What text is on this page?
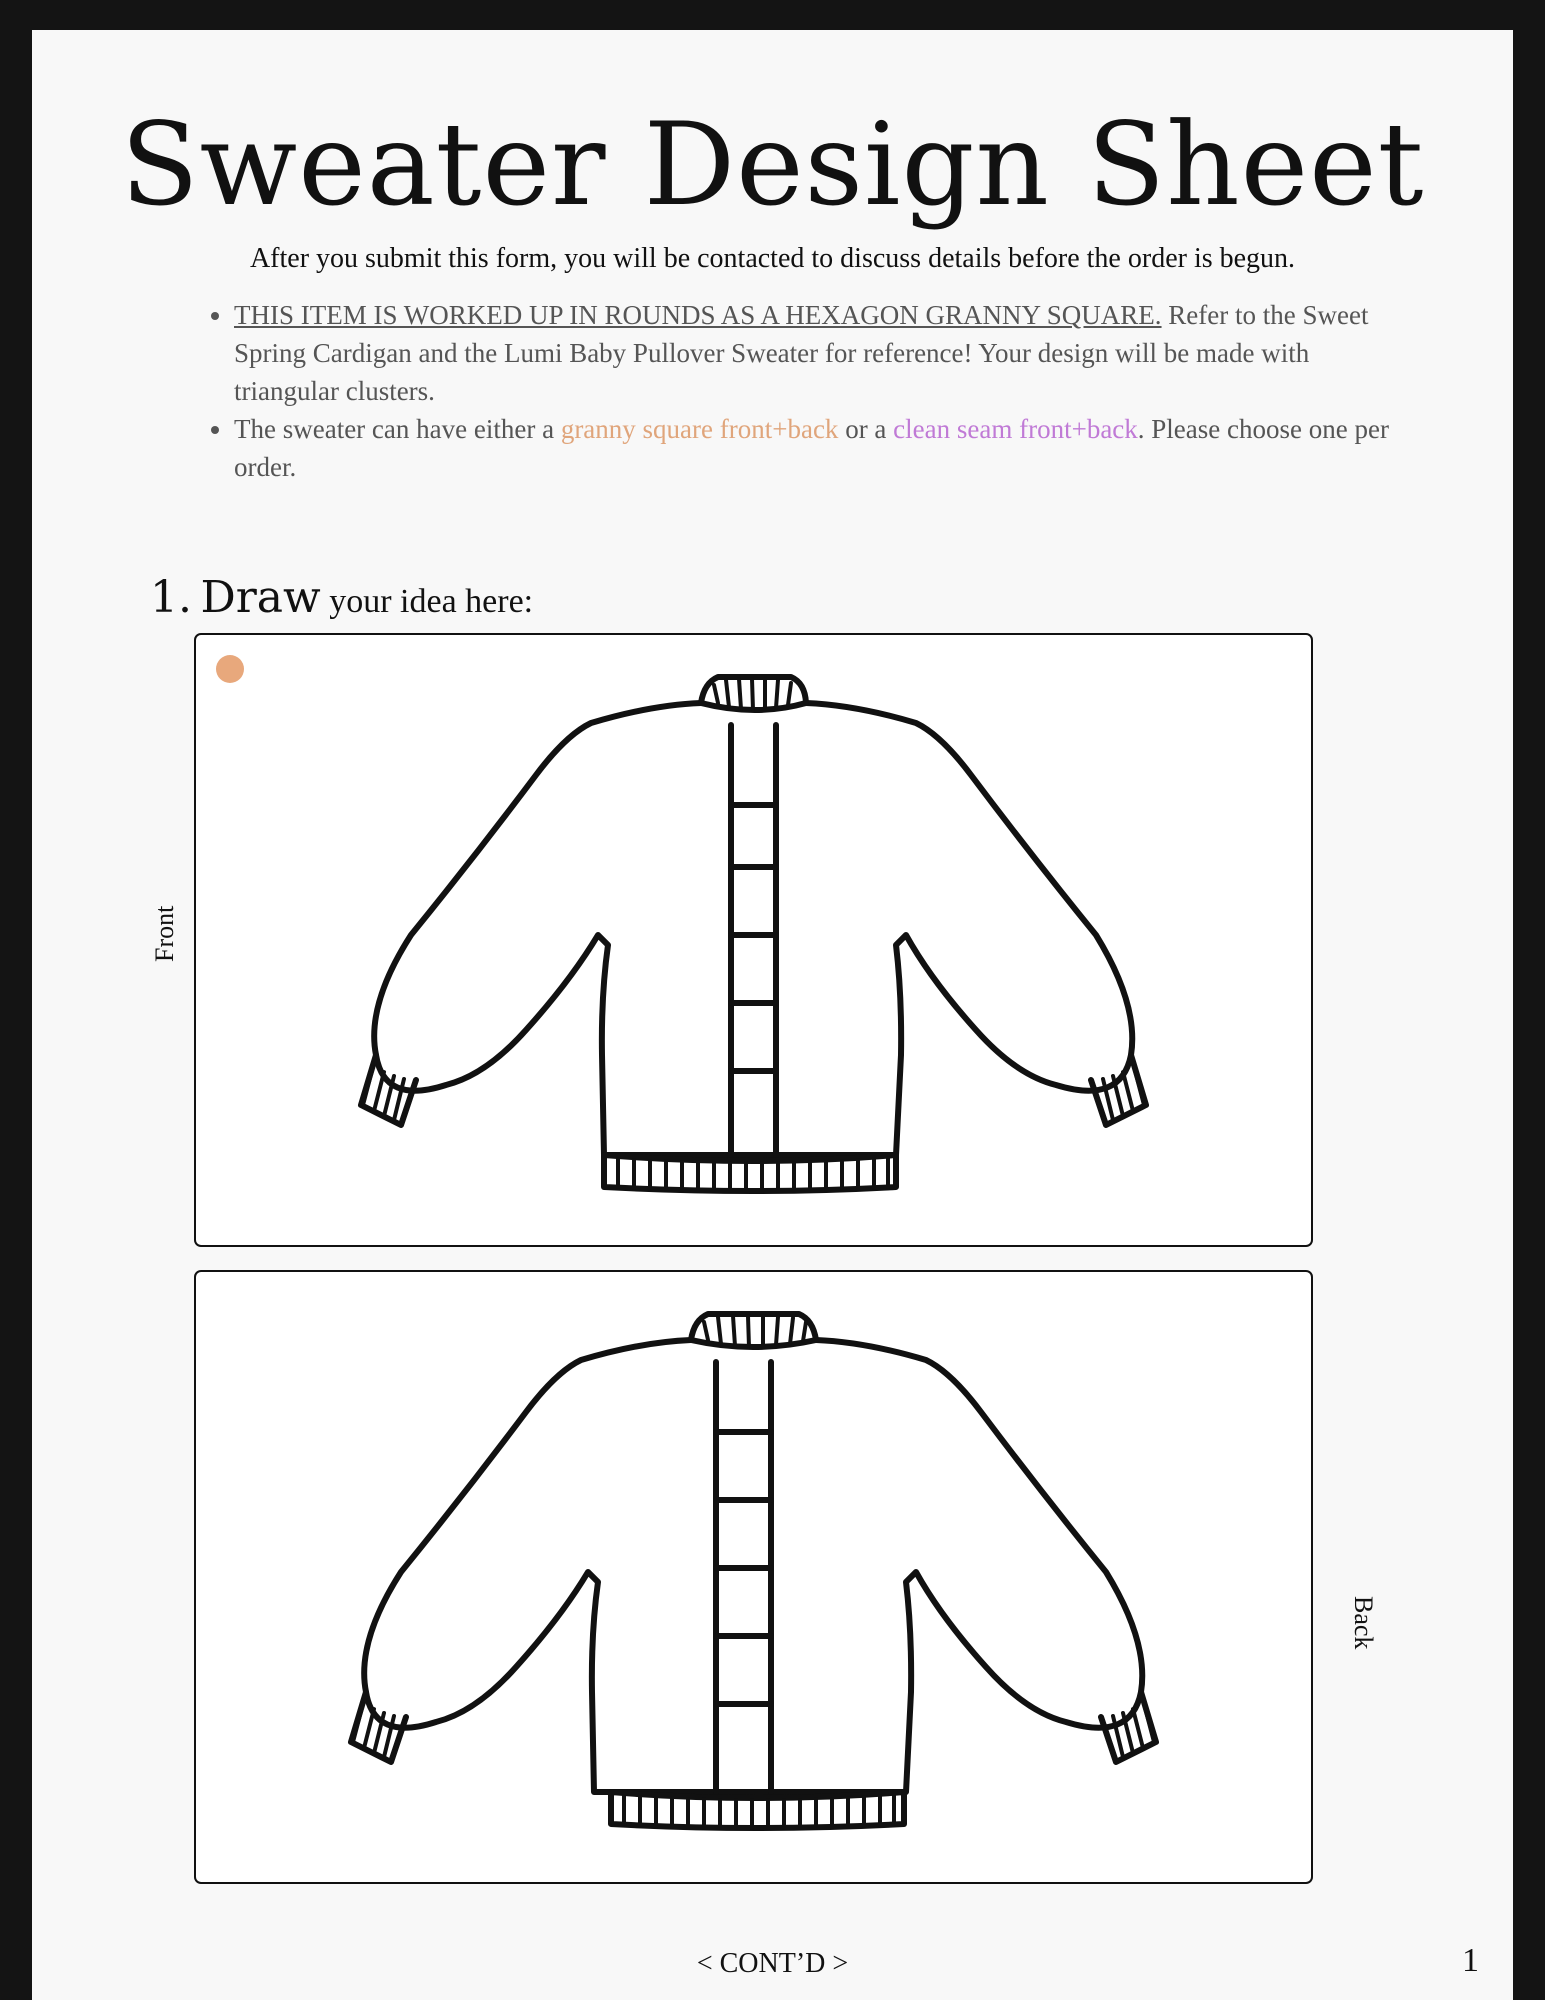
Sweater Design Sheet
After you submit this form, you will be contacted to discuss details before the order is begun.
• THIS ITEM IS WORKED UP IN ROUNDS AS A HEXAGON GRANNY SQUARE. Refer to the Sweet Spring Cardigan and the Lumi Baby Pullover Sweater for reference! Your design will be made with triangular clusters.
• The sweater can have either a granny square front+back or a clean seam front+back. Please choose one per order.
1. Draw your idea here:
Front
Back
< CONT’D >	1
